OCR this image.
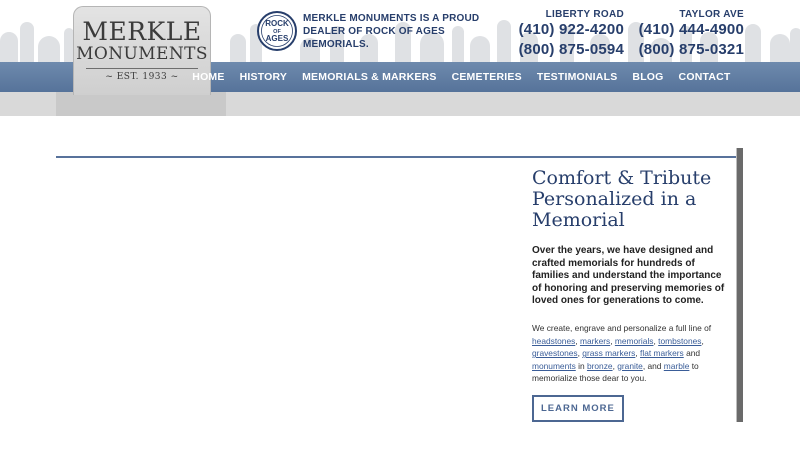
MERKLE
MONUMENTS
~ EST. 1933 ~
ROCK
OF
AGES
MERKLE MONUMENTS IS A PROUD
DEALER OF ROCK OF AGES MEMORIALS.
LIBERTY ROAD
(410) 922-4200
(800) 875-0594
TAYLOR AVE
(410) 444-4900
(800) 875-0321
HOME	HISTORY	MEMORIALS & MARKERS	CEMETERIES	TESTIMONIALS	BLOG	CONTACT
Comfort & Tribute Personalized in a Memorial

Over the years, we have designed and crafted memorials for hundreds of families and understand the importance of honoring and preserving memories of loved ones for generations to come.

We create, engrave and personalize a full line of headstones, markers, memorials, tombstones, gravestones, grass markers, flat markers and monuments in bronze, granite, and marble to memorialize those dear to you.

LEARN MORE
